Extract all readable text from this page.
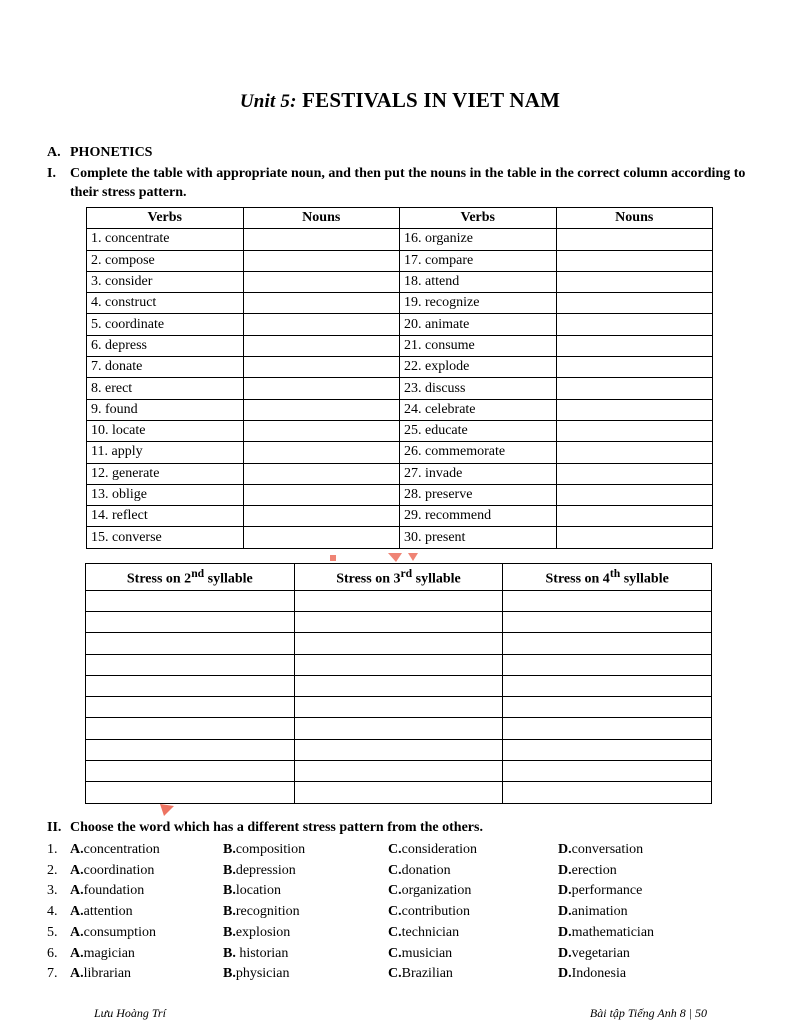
Unit 5: FESTIVALS IN VIET NAM
A. PHONETICS
I. Complete the table with appropriate noun, and then put the nouns in the table in the correct column according to their stress pattern.
Verbs	Nouns	Verbs	Nouns
1. concentrate		16. organize	
2. compose		17. compare	
3. consider		18. attend	
4. construct		19. recognize	
5. coordinate		20. animate	
6. depress		21. consume	
7. donate		22. explode	
8. erect		23. discuss	
9. found		24. celebrate	
10. locate		25. educate	
11. apply		26. commemorate	
12. generate		27. invade	
13. oblige		28. preserve	
14. reflect		29. recommend	
15. converse		30. present	
Stress on 2nd syllable	Stress on 3rd syllable	Stress on 4th syllable

II. Choose the word which has a different stress pattern from the others.
1. A.concentration	B.composition	C.consideration	D.conversation
2. A.coordination	B.depression	C.donation	D.erection
3. A.foundation	B.location	C.organization	D.performance
4. A.attention	B.recognition	C.contribution	D.animation
5. A.consumption	B.explosion	C.technician	D.mathematician
6. A.magician	B. historian	C.musician	D.vegetarian
7. A.librarian	B.physician	C.Brazilian	D.Indonesia
Lưu Hoàng Trí	Bài tập Tiếng Anh 8 | 50
